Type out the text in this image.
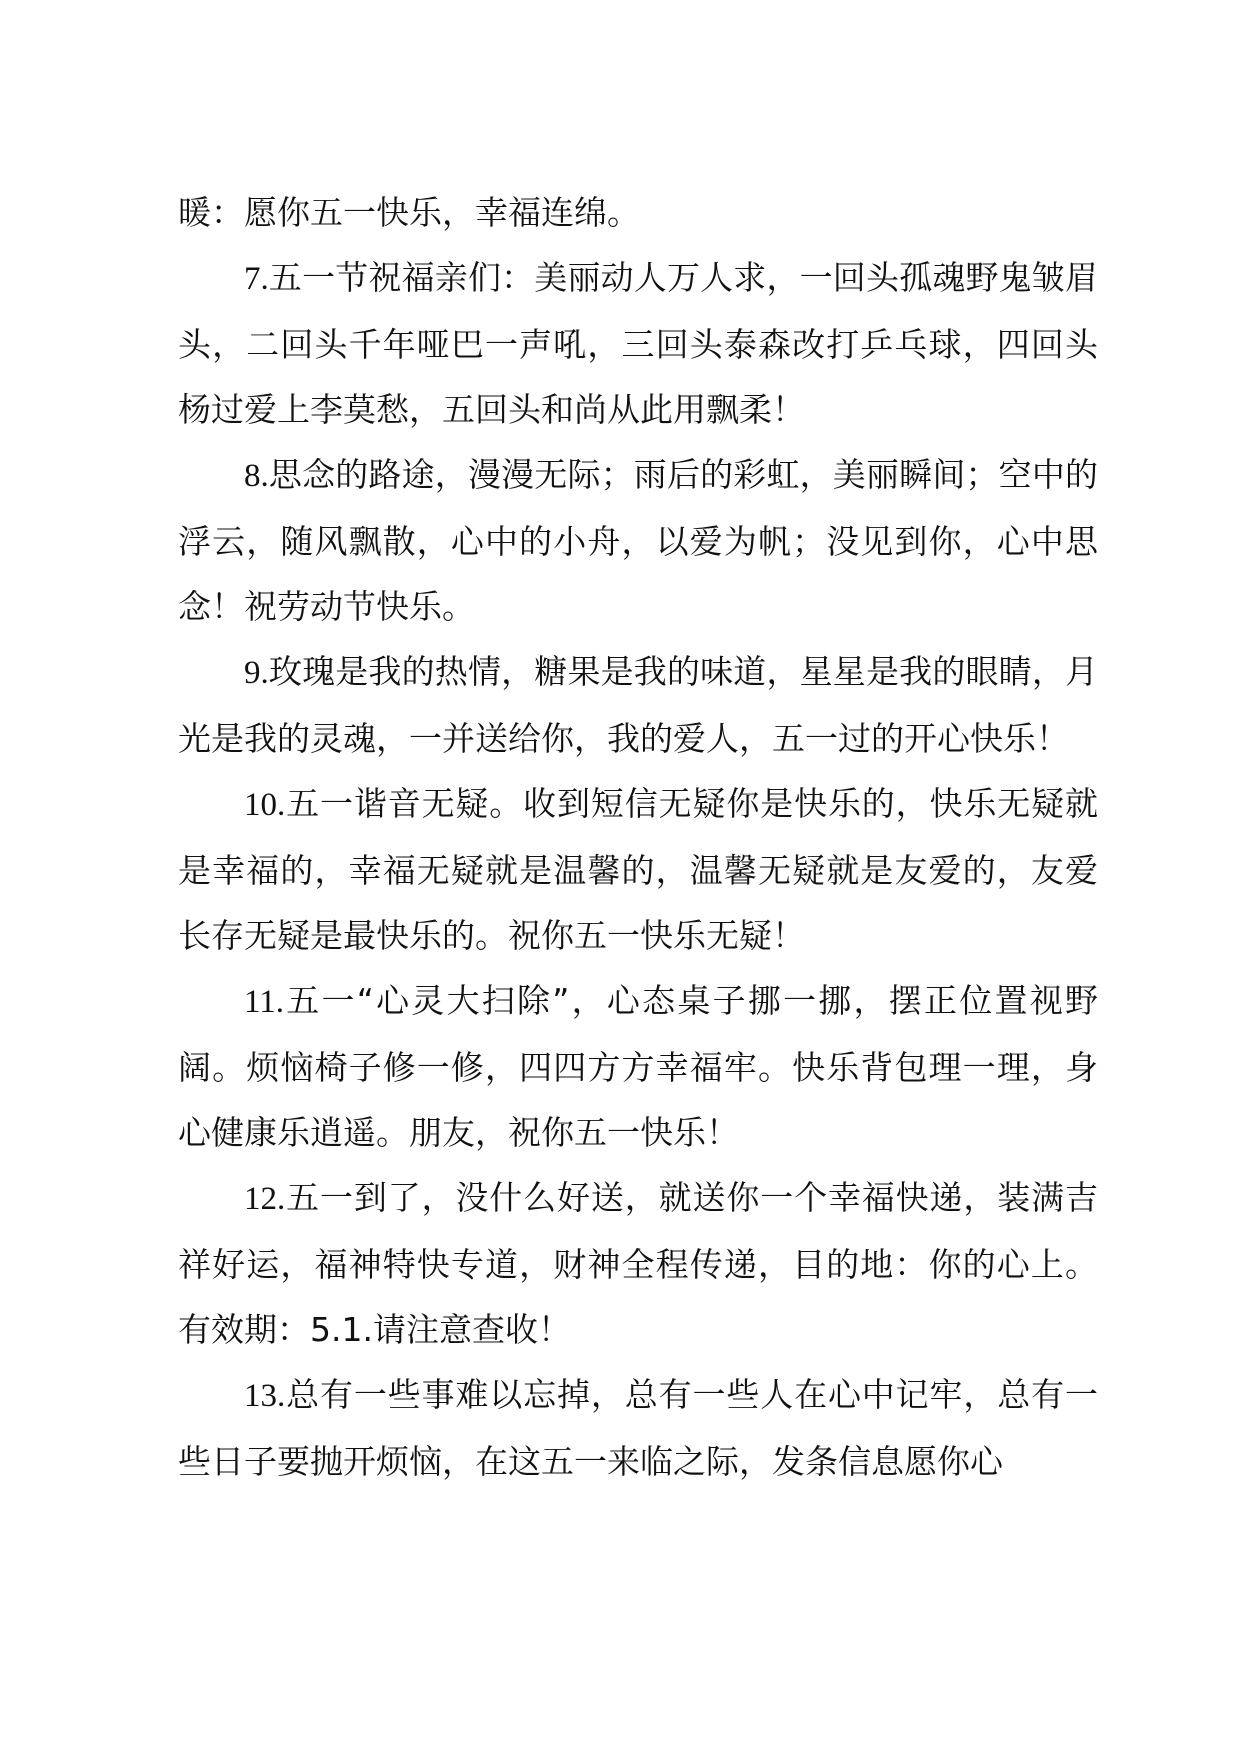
暖：愿你五一快乐，幸福连绵。

7.五一节祝福亲们：美丽动人万人求，一回头孤魂野鬼皱眉头，二回头千年哑巴一声吼，三回头泰森改打乒乓球，四回头杨过爱上李莫愁，五回头和尚从此用飘柔！

8.思念的路途，漫漫无际；雨后的彩虹，美丽瞬间；空中的浮云，随风飘散，心中的小舟，以爱为帆；没见到你，心中思念！祝劳动节快乐。

9.玫瑰是我的热情，糖果是我的味道，星星是我的眼睛，月光是我的灵魂，一并送给你，我的爱人，五一过的开心快乐！

10.五一谐音无疑。收到短信无疑你是快乐的，快乐无疑就是幸福的，幸福无疑就是温馨的，温馨无疑就是友爱的，友爱长存无疑是最快乐的。祝你五一快乐无疑！

11.五一“心灵大扫除”，心态桌子挪一挪，摆正位置视野阔。烦恼椅子修一修，四四方方幸福牢。快乐背包理一理，身心健康乐逍遥。朋友，祝你五一快乐！

12.五一到了，没什么好送，就送你一个幸福快递，装满吉祥好运，福神特快专道，财神全程传递，目的地：你的心上。有效期：5.1.请注意查收！

13.总有一些事难以忘掉，总有一些人在心中记牢，总有一些日子要抛开烦恼，在这五一来临之际，发条信息愿你心
